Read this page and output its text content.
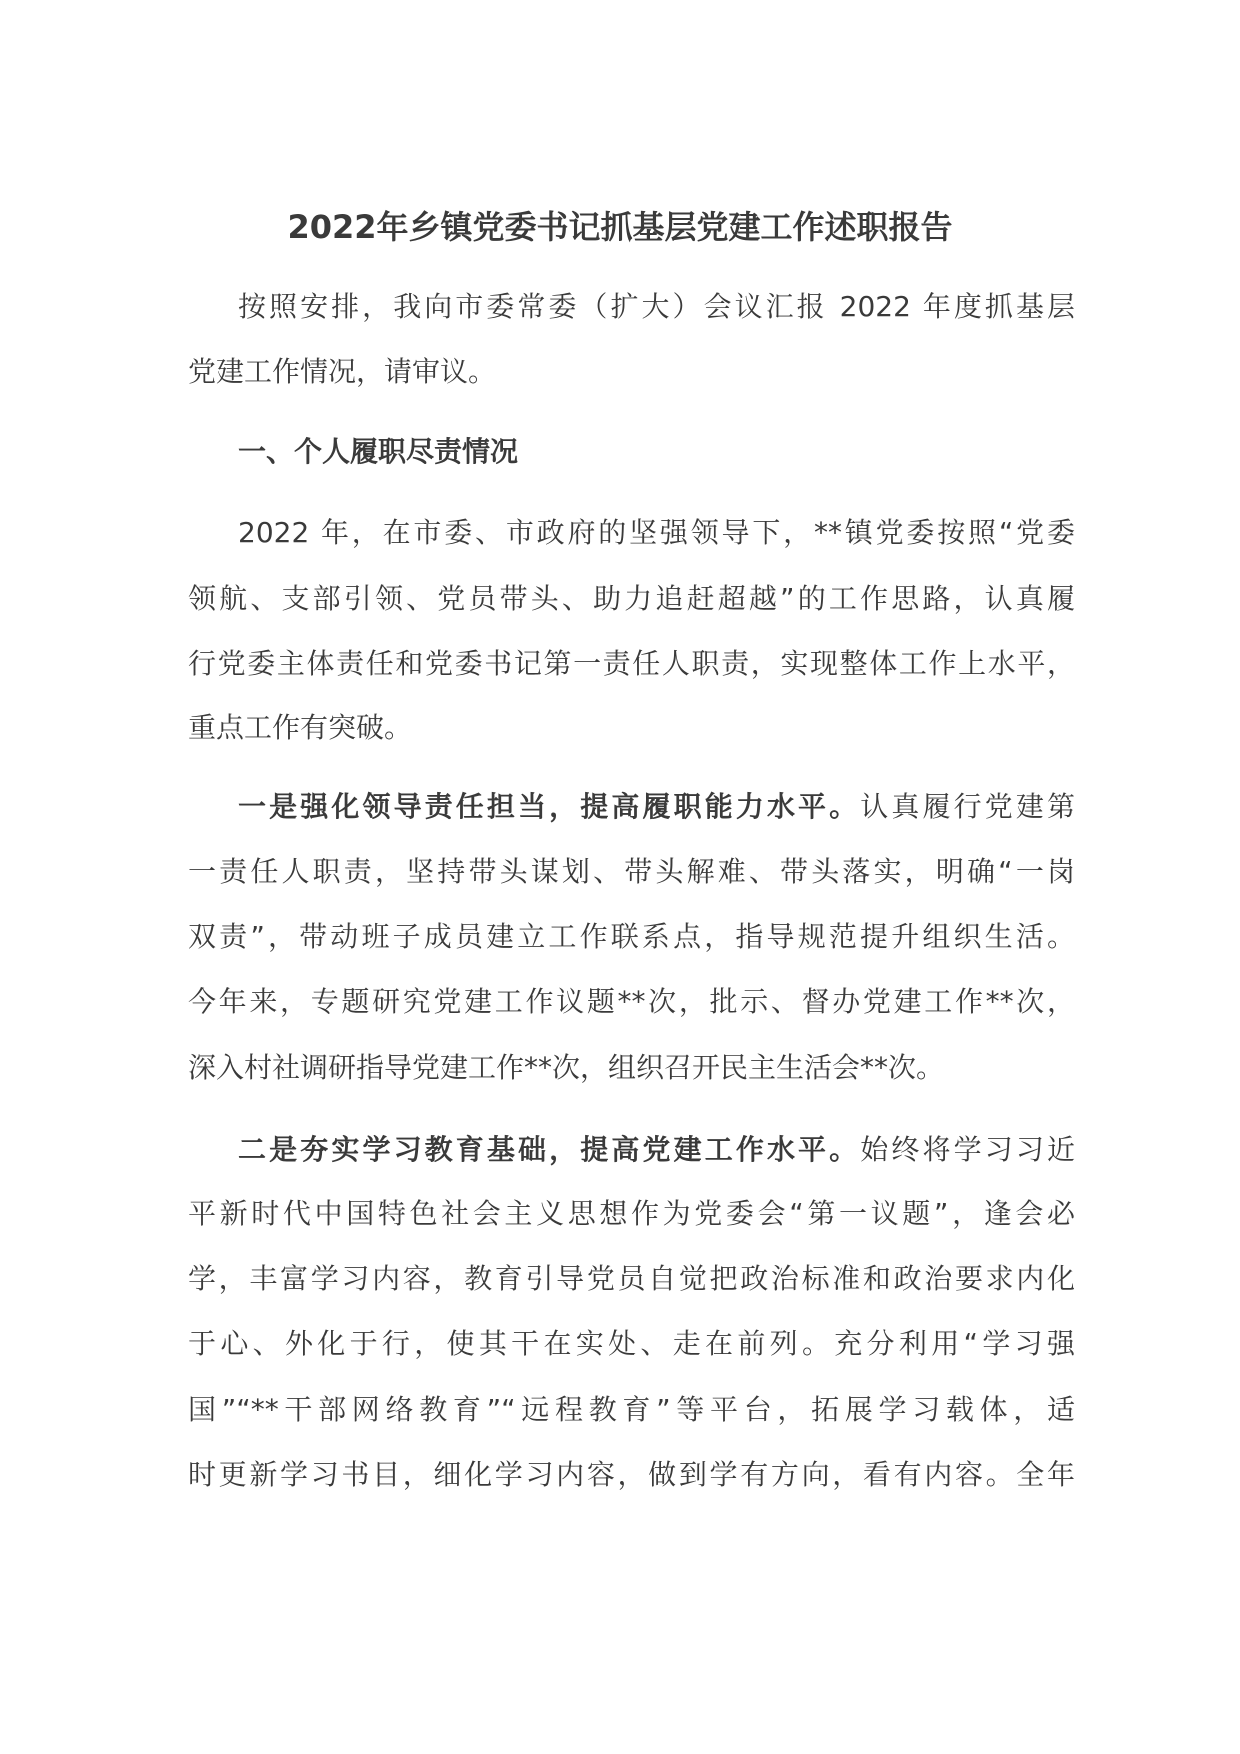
2022年乡镇党委书记抓基层党建工作述职报告
按照安排，我向市委常委（扩大）会议汇报 2022 年度抓基层
党建工作情况，请审议。
一、个人履职尽责情况
2022 年，在市委、市政府的坚强领导下，**镇党委按照“党委
领航、支部引领、党员带头、助力追赶超越”的工作思路，认真履
行党委主体责任和党委书记第一责任人职责，实现整体工作上水平，
重点工作有突破。
一是强化领导责任担当，提高履职能力水平。认真履行党建第
一责任人职责，坚持带头谋划、带头解难、带头落实，明确“一岗
双责”，带动班子成员建立工作联系点，指导规范提升组织生活。
今年来，专题研究党建工作议题**次，批示、督办党建工作**次，
深入村社调研指导党建工作**次，组织召开民主生活会**次。
二是夯实学习教育基础，提高党建工作水平。始终将学习习近
平新时代中国特色社会主义思想作为党委会“第一议题”，逢会必
学，丰富学习内容，教育引导党员自觉把政治标准和政治要求内化
于心、外化于行，使其干在实处、走在前列。充分利用“学习强
国”“**干部网络教育”“远程教育”等平台，拓展学习载体，适
时更新学习书目，细化学习内容，做到学有方向，看有内容。全年
